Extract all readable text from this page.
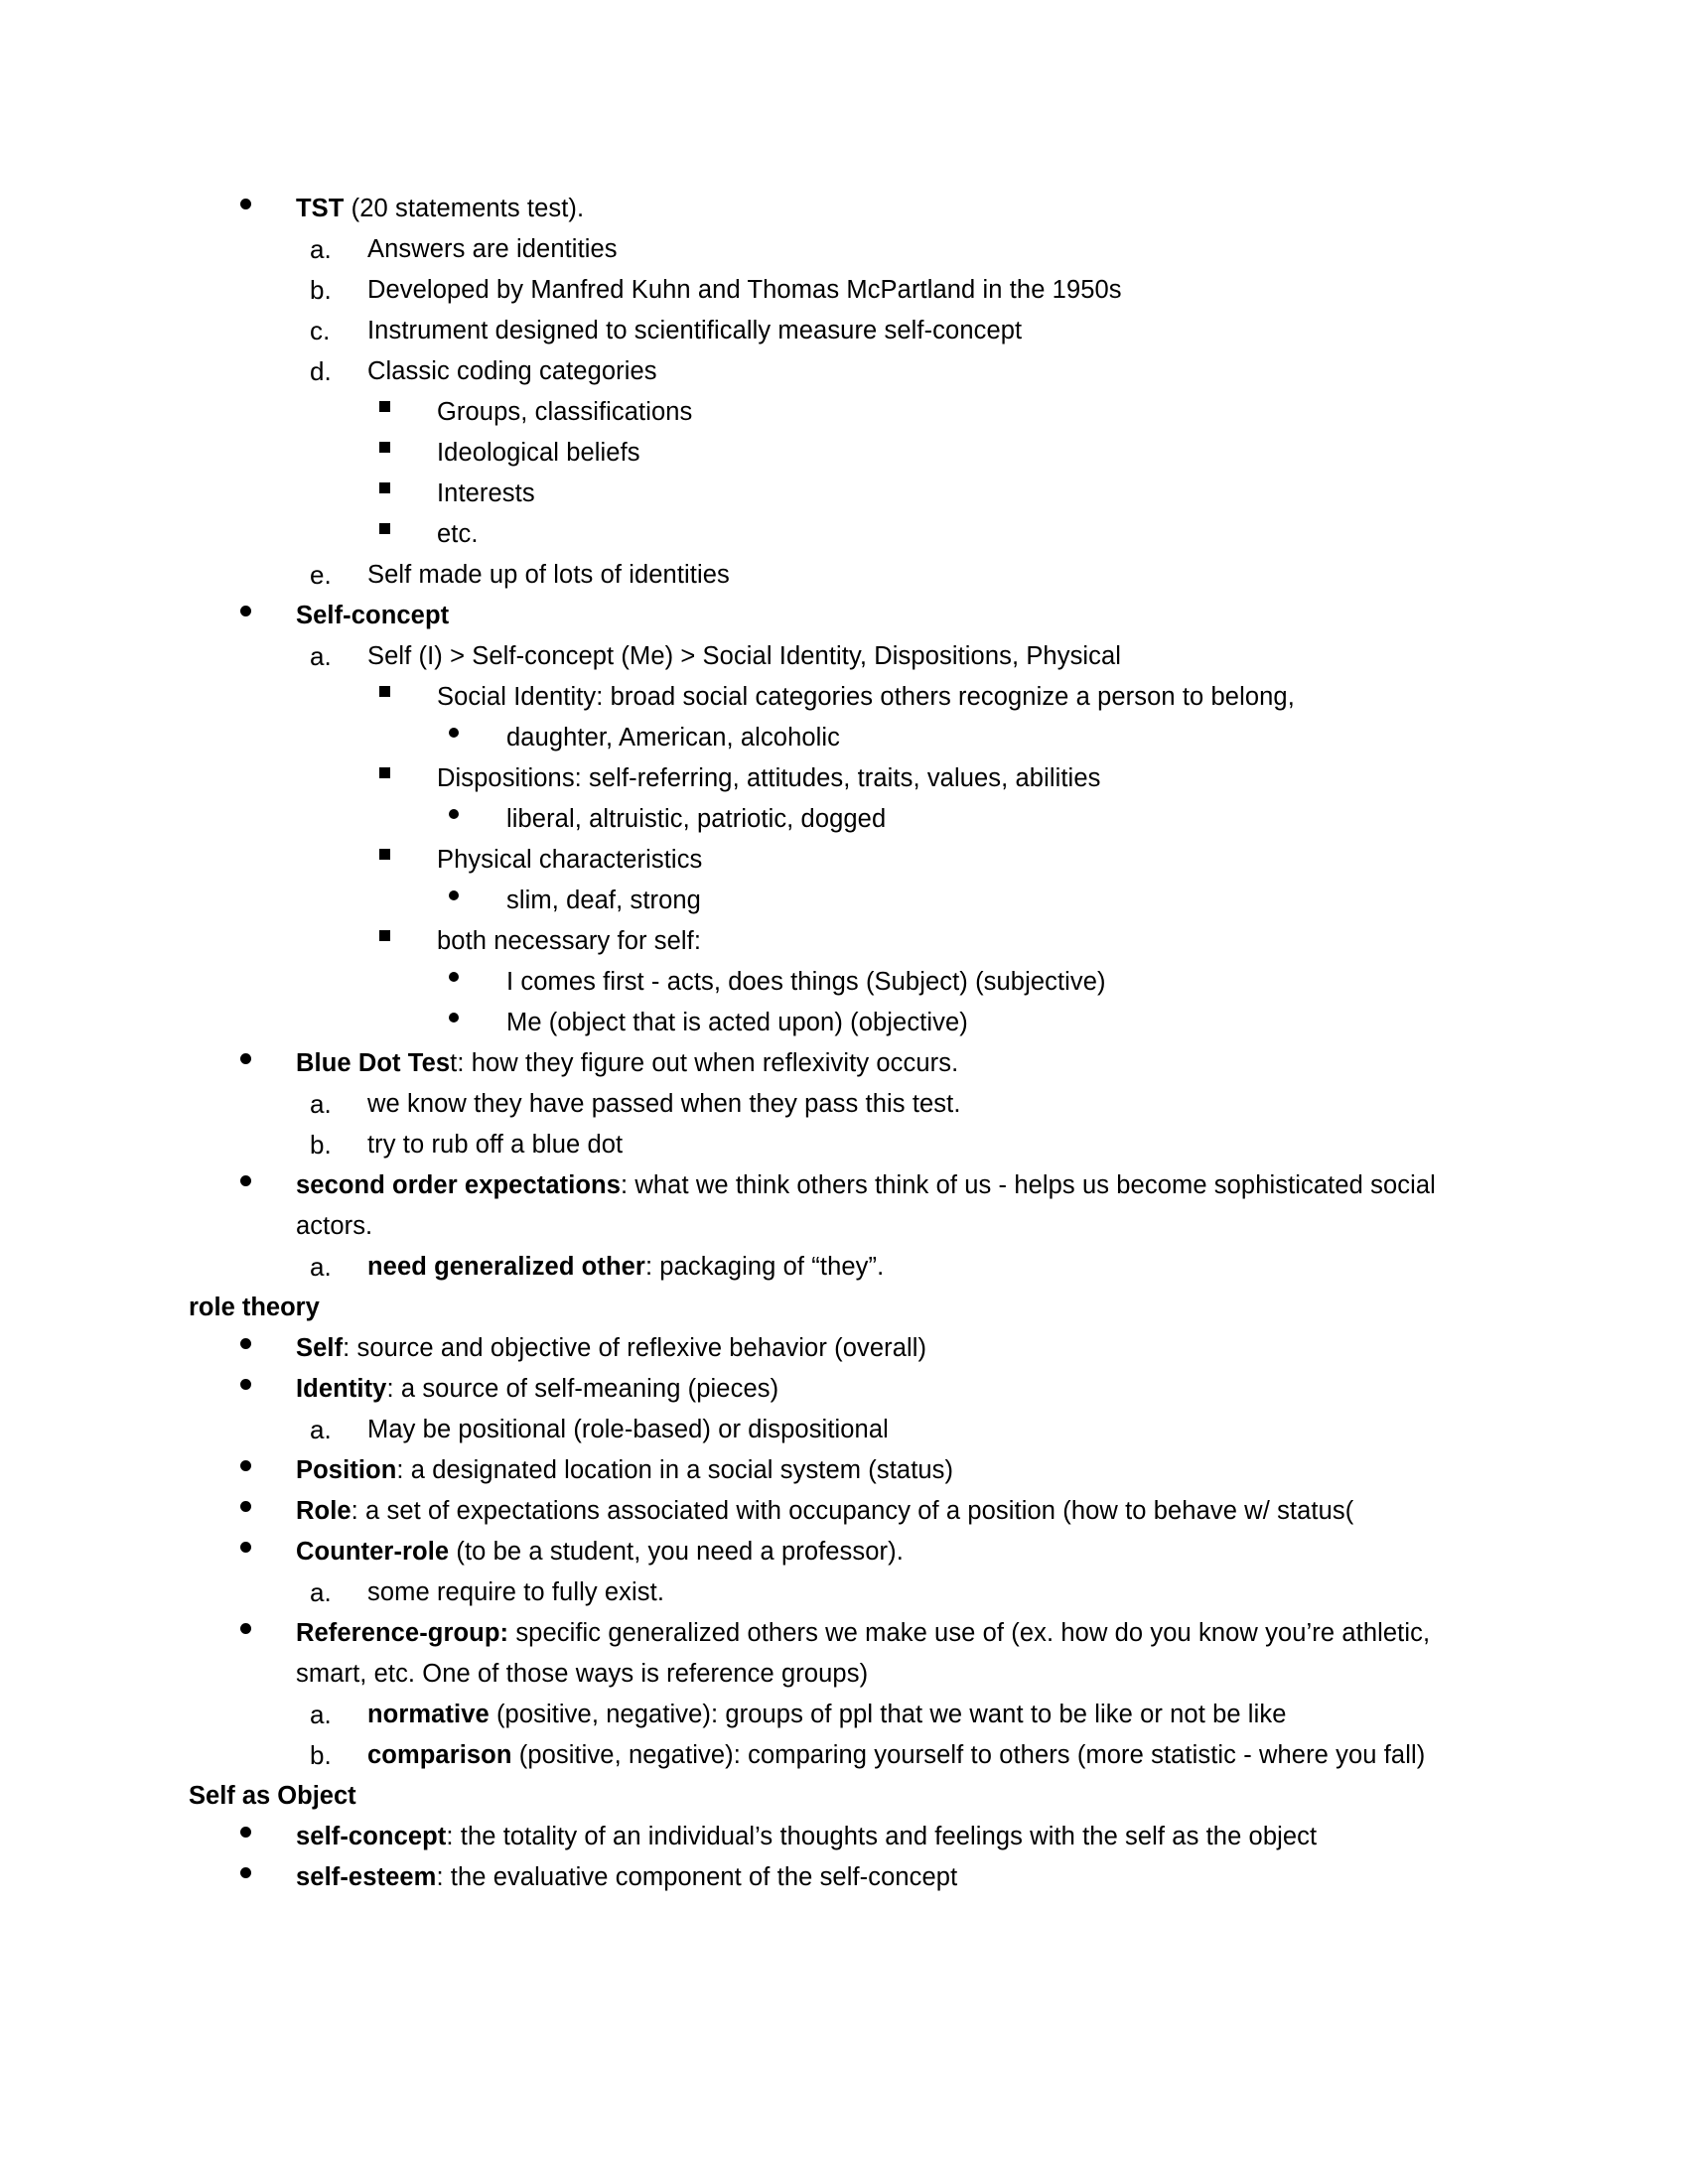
TST (20 statements test).
a.	Answers are identities
b.	Developed by Manfred Kuhn and Thomas McPartland in the 1950s
c.	Instrument designed to scientifically measure self-concept
d.	Classic coding categories
Groups, classifications
Ideological beliefs
Interests
etc.
e.	Self made up of lots of identities
Self-concept
a.	Self (I) > Self-concept (Me) > Social Identity, Dispositions, Physical
Social Identity: broad social categories others recognize a person to belong,
daughter, American, alcoholic
Dispositions: self-referring, attitudes, traits, values, abilities
liberal, altruistic, patriotic, dogged
Physical characteristics
slim, deaf, strong
both necessary for self:
I comes first - acts, does things (Subject) (subjective)
Me (object that is acted upon) (objective)
Blue Dot Test: how they figure out when reflexivity occurs.
a.	we know they have passed when they pass this test.
b.	try to rub off a blue dot
second order expectations: what we think others think of us - helps us become sophisticated social actors.
a.	need generalized other: packaging of “they”.
role theory
Self: source and objective of reflexive behavior (overall)
Identity: a source of self-meaning (pieces)
a.	May be positional (role-based) or dispositional
Position: a designated location in a social system (status)
Role: a set of expectations associated with occupancy of a position (how to behave w/ status(
Counter-role (to be a student, you need a professor).
a.	some require to fully exist.
Reference-group: specific generalized others we make use of (ex. how do you know you’re athletic, smart, etc. One of those ways is reference groups)
a.	normative (positive, negative): groups of ppl that we want to be like or not be like
b.	comparison (positive, negative): comparing yourself to others (more statistic - where you fall)
Self as Object
self-concept: the totality of an individual’s thoughts and feelings with the self as the object
self-esteem: the evaluative component of the self-concept
